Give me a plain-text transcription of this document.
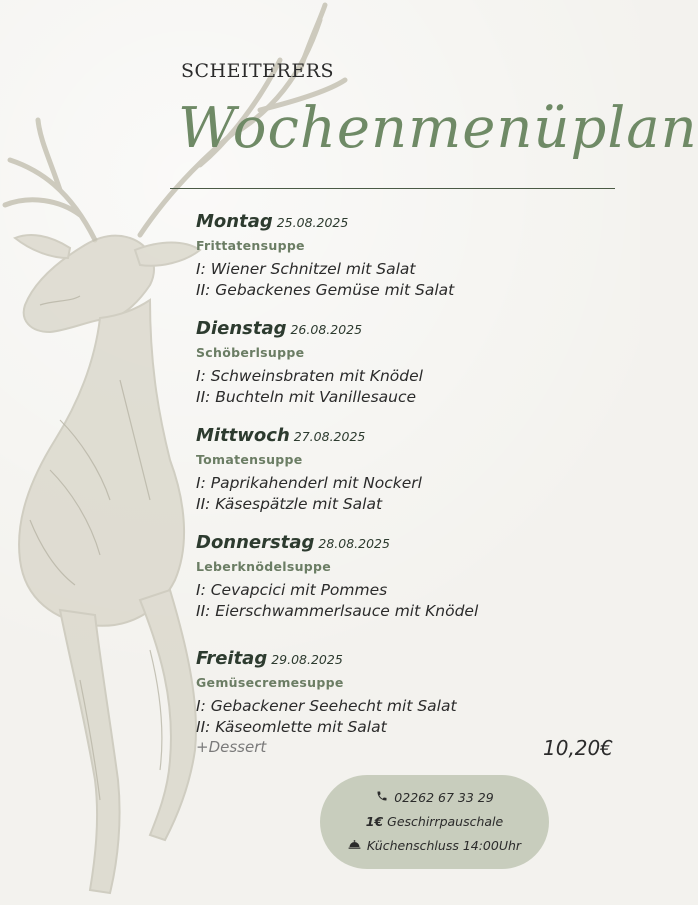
SCHEITERERS
Wochenmenüplan
Montag 25.08.2025
Frittatensuppe
I: Wiener Schnitzel mit Salat
II: Gebackenes Gemüse mit Salat
Dienstag 26.08.2025
Schöberlsuppe
I: Schweinsbraten mit Knödel
II: Buchteln mit Vanillesauce
Mittwoch 27.08.2025
Tomatensuppe
I: Paprikahenderl mit Nockerl
II: Käsespätzle mit Salat
Donnerstag 28.08.2025
Leberknödelsuppe
I: Cevapcici mit Pommes
II: Eierschwammerlsauce mit Knödel
Freitag 29.08.2025
Gemüsecremesuppe
I: Gebackener Seehecht mit Salat
II: Käseomlette mit Salat
+Dessert	10,20€
02262 67 33 29
1€ Geschirrpauschale
Küchenschluss 14:00Uhr
